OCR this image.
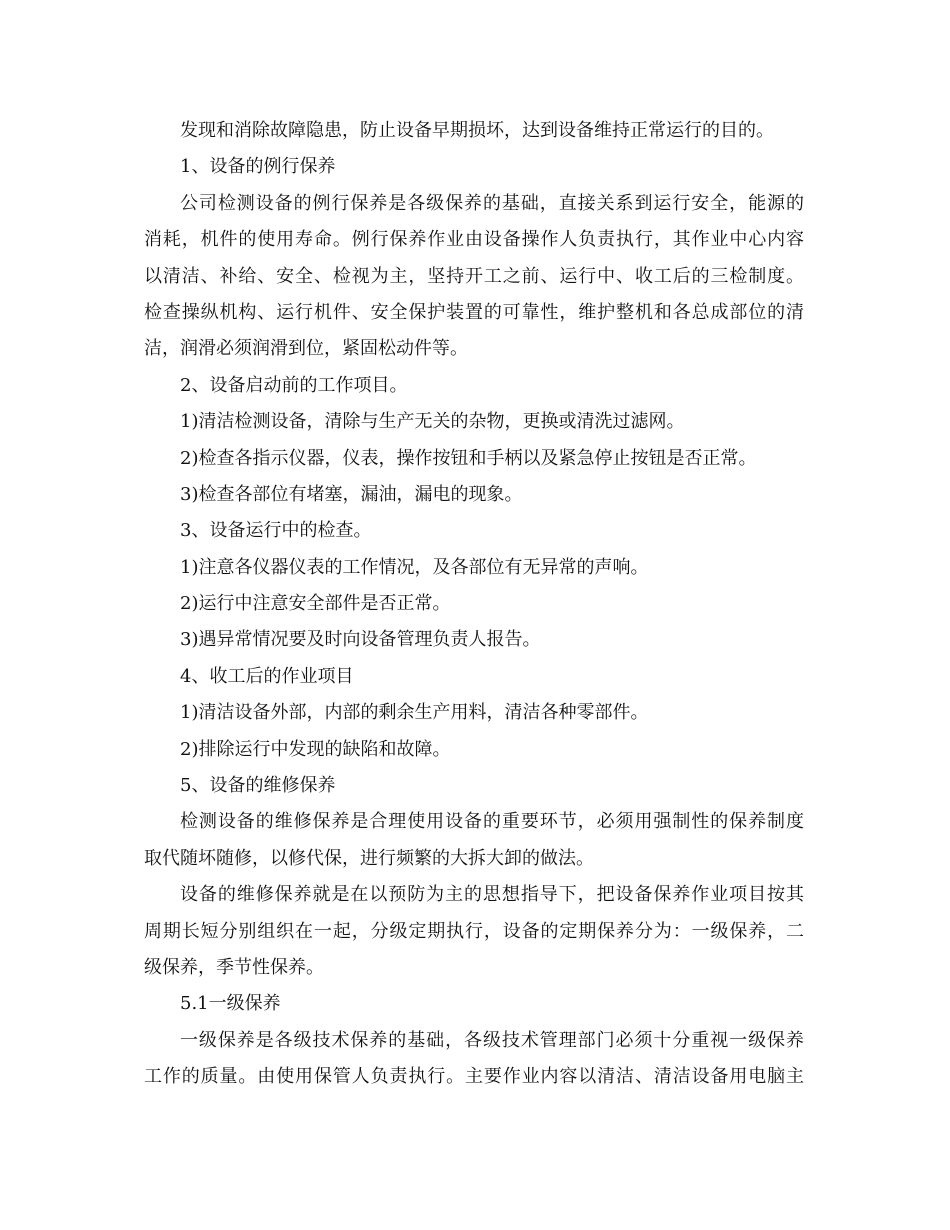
发现和消除故障隐患，防止设备早期损坏，达到设备维持正常运行的目的。
1、设备的例行保养
公司检测设备的例行保养是各级保养的基础，直接关系到运行安全，能源的
消耗，机件的使用寿命。例行保养作业由设备操作人负责执行，其作业中心内容
以清洁、补给、安全、检视为主，坚持开工之前、运行中、收工后的三检制度。
检查操纵机构、运行机件、安全保护装置的可靠性，维护整机和各总成部位的清
洁，润滑必须润滑到位，紧固松动件等。
2、设备启动前的工作项目。
1)清洁检测设备，清除与生产无关的杂物，更换或清洗过滤网。
2)检查各指示仪器，仪表，操作按钮和手柄以及紧急停止按钮是否正常。
3)检查各部位有堵塞，漏油，漏电的现象。
3、设备运行中的检查。
1)注意各仪器仪表的工作情况，及各部位有无异常的声响。
2)运行中注意安全部件是否正常。
3)遇异常情况要及时向设备管理负责人报告。
4、收工后的作业项目
1)清洁设备外部，内部的剩余生产用料，清洁各种零部件。
2)排除运行中发现的缺陷和故障。
5、设备的维修保养
检测设备的维修保养是合理使用设备的重要环节，必须用强制性的保养制度
取代随坏随修，以修代保，进行频繁的大拆大卸的做法。
设备的维修保养就是在以预防为主的思想指导下，把设备保养作业项目按其
周期长短分别组织在一起，分级定期执行，设备的定期保养分为：一级保养，二
级保养，季节性保养。
5.1一级保养
一级保养是各级技术保养的基础，各级技术管理部门必须十分重视一级保养
工作的质量。由使用保管人负责执行。主要作业内容以清洁、清洁设备用电脑主
